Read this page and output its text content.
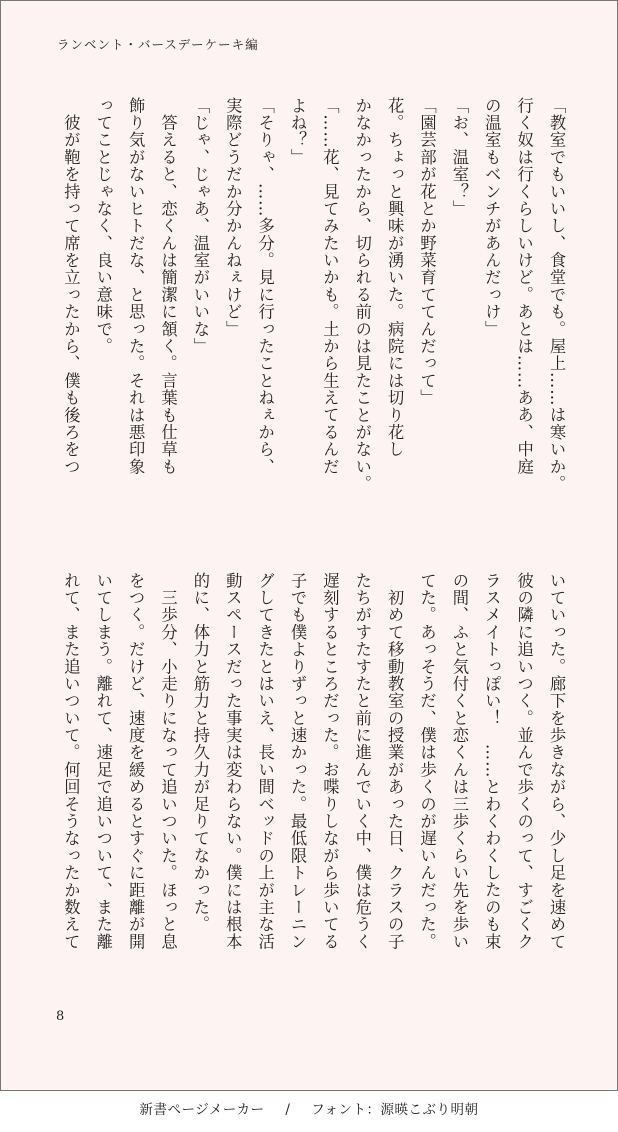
ランベント・バースデーケーキ編
「教室でもいいし、食堂でも。屋上……は寒いか。
行く奴は行くらしいけど。あとは……ああ、中庭
の温室もベンチがあんだっけ」
「お、温室？」
「園芸部が花とか野菜育ててんだって」
花。ちょっと興味が湧いた。病院には切り花し
かなかったから、切られる前のは見たことがない。
「……花、見てみたいかも。土から生えてるんだ
よね？」
「そりゃ、……多分。見に行ったことねぇから、
実際どうだか分かんねぇけど」
「じゃ、じゃあ、温室がいいな」
　答えると、恋くんは簡潔に頷く。言葉も仕草も
飾り気がないヒトだな、と思った。それは悪印象
ってことじゃなく、良い意味で。
　彼が鞄を持って席を立ったから、僕も後ろをつ
いていった。廊下を歩きながら、少し足を速めて
彼の隣に追いつく。並んで歩くのって、すごくク
ラスメイトっぽい！　……とわくわくしたのも束
の間、ふと気付くと恋くんは三歩くらい先を歩い
てた。あっそうだ、僕は歩くのが遅いんだった。
　初めて移動教室の授業があった日、クラスの子
たちがすたすたと前に進んでいく中、僕は危うく
遅刻するところだった。お喋りしながら歩いてる
子でも僕よりずっと速かった。最低限トレーニン
グしてきたとはいえ、長い間ベッドの上が主な活
動スペースだった事実は変わらない。僕には根本
的に、体力と筋力と持久力が足りてなかった。
　三歩分、小走りになって追いついた。ほっと息
をつく。だけど、速度を緩めるとすぐに距離が開
いてしまう。離れて、速足で追いついて、また離
れて、また追いついて。何回そうなったか数えて
8
新書ページメーカー / フォント：源暎こぶり明朝
